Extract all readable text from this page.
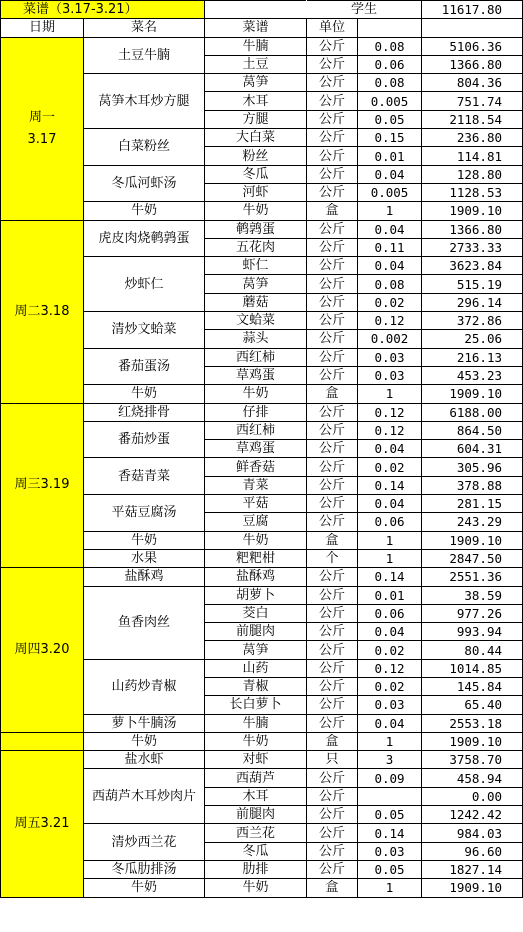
菜谱（3.17-3.21）			学生		11617.80
日期	菜名	菜谱	单位		

周一
3.17	土豆牛腩	牛腩	公斤	0.08	5106.36
		土豆	公斤	0.06	1366.80
	莴笋木耳炒方腿	莴笋	公斤	0.08	804.36
		木耳	公斤	0.005	751.74
		方腿	公斤	0.05	2118.54
	白菜粉丝	大白菜	公斤	0.15	236.80
		粉丝	公斤	0.01	114.81
	冬瓜河虾汤	冬瓜	公斤	0.04	128.80
		河虾	公斤	0.005	1128.53
	牛奶	牛奶	盒	1	1909.10

周二3.18	虎皮肉烧鹌鹑蛋	鹌鹑蛋	公斤	0.04	1366.80
		五花肉	公斤	0.11	2733.33
	炒虾仁	虾仁	公斤	0.04	3623.84
		莴笋	公斤	0.08	515.19
		蘑菇	公斤	0.02	296.14
	清炒文蛤菜	文蛤菜	公斤	0.12	372.86
		蒜头	公斤	0.002	25.06
	番茄蛋汤	西红柿	公斤	0.03	216.13
		草鸡蛋	公斤	0.03	453.23
	牛奶	牛奶	盒	1	1909.10

周三3.19	红烧排骨	仔排	公斤	0.12	6188.00
	番茄炒蛋	西红柿	公斤	0.12	864.50
		草鸡蛋	公斤	0.04	604.31
	香菇青菜	鲜香菇	公斤	0.02	305.96
		青菜	公斤	0.14	378.88
	平菇豆腐汤	平菇	公斤	0.04	281.15
		豆腐	公斤	0.06	243.29
	牛奶	牛奶	盒	1	1909.10
	水果	粑粑柑	个	1	2847.50

周四3.20	盐酥鸡	盐酥鸡	公斤	0.14	2551.36
	鱼香肉丝	胡萝卜	公斤	0.01	38.59
		茭白	公斤	0.06	977.26
		前腿肉	公斤	0.04	993.94
		莴笋	公斤	0.02	80.44
	山药炒青椒	山药	公斤	0.12	1014.85
		青椒	公斤	0.02	145.84
		长白萝卜	公斤	0.03	65.40
	萝卜牛腩汤	牛腩	公斤	0.04	2553.18

	牛奶	牛奶	盒	1	1909.10

周五3.21	盐水虾	对虾	只	3	3758.70
	西葫芦木耳炒肉片	西葫芦	公斤	0.09	458.94
		木耳	公斤		0.00
		前腿肉	公斤	0.05	1242.42
	清炒西兰花	西兰花	公斤	0.14	984.03
		冬瓜	公斤	0.03	96.60
	冬瓜肋排汤	肋排	公斤	0.05	1827.14
	牛奶	牛奶	盒	1	1909.10
